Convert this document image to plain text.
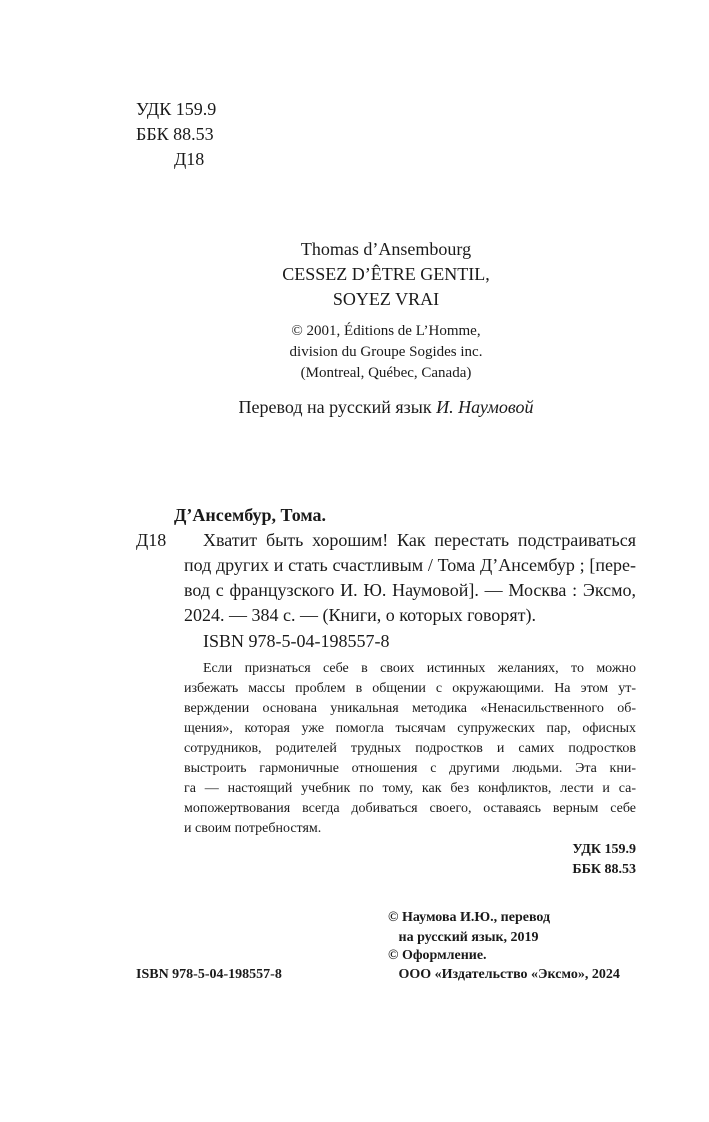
УДК 159.9
ББК 88.53
Д18
Thomas d’Ansembourg
CESSEZ D’ÊTRE GENTIL,
SOYEZ VRAI
© 2001, Éditions de L’Homme,
division du Groupe Sogides inc.
(Montreal, Québec, Canada)
Перевод на русский язык И. Наумовой
Д’Ансембур, Тома.
Д18 Хватит быть хорошим! Как перестать подстраиваться
под других и стать счастливым / Тома Д’Ансембур ; [пере-
вод с французского И. Ю. Наумовой]. — Москва : Эксмо,
2024. — 384 с. — (Книги, о которых говорят).
ISBN 978-5-04-198557-8
Если признаться себе в своих истинных желаниях, то можно
избежать массы проблем в общении с окружающими. На этом ут-
верждении основана уникальная методика «Ненасильственного об-
щения», которая уже помогла тысячам супружеских пар, офисных
сотрудников, родителей трудных подростков и самих подростков
выстроить гармоничные отношения с другими людьми. Эта кни-
га — настоящий учебник по тому, как без конфликтов, лести и са-
мопожертвования всегда добиваться своего, оставаясь верным себе
и своим потребностям.
УДК 159.9
ББК 88.53
ISBN 978-5-04-198557-8
© Наумова И.Ю., перевод
на русский язык, 2019
© Оформление.
ООО «Издательство «Эксмо», 2024
